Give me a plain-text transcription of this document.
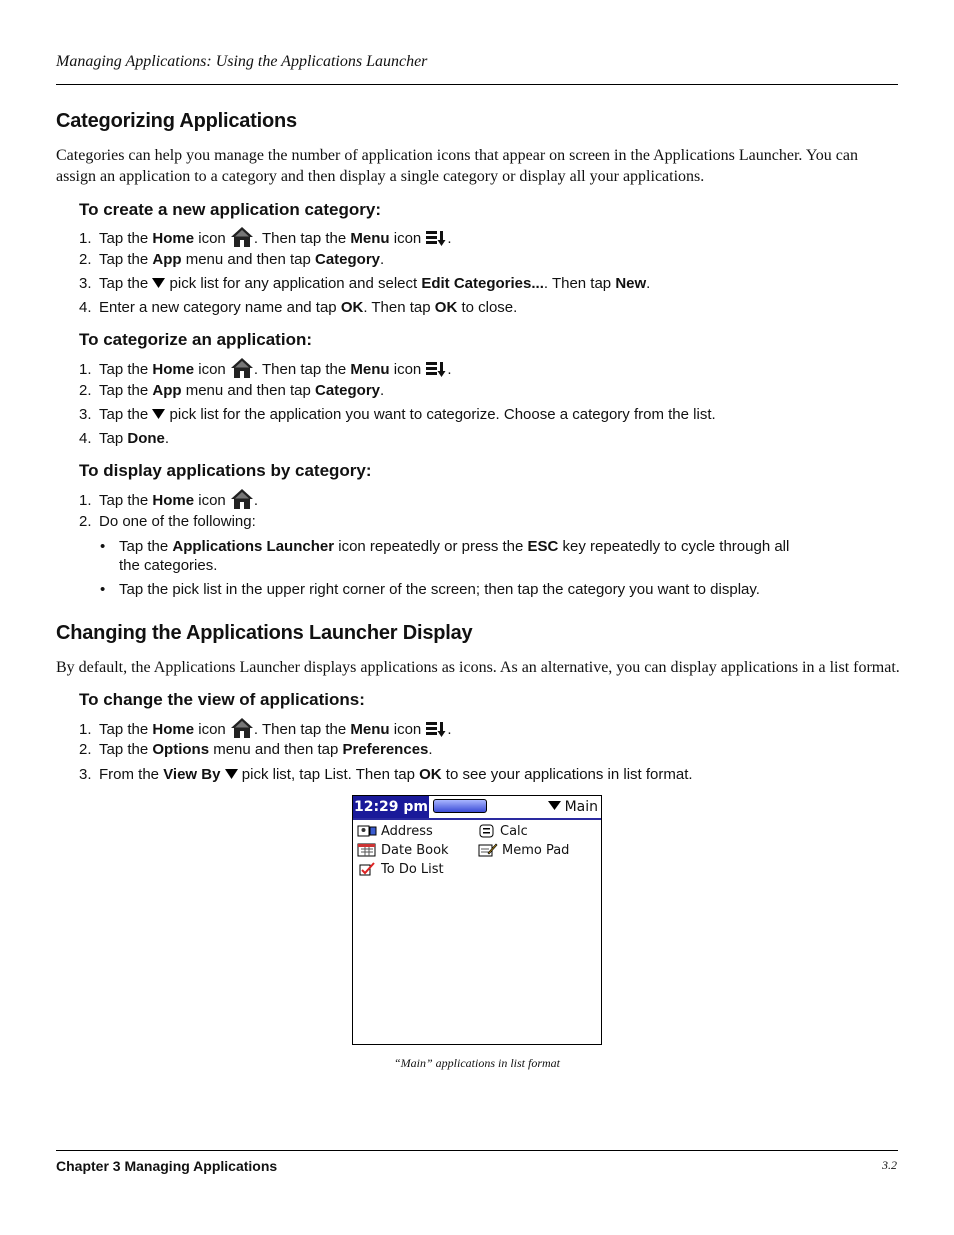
Managing Applications: Using the Applications Launcher
Categorizing Applications
Categories can help you manage the number of application icons that appear on screen in the Applications Launcher. You can assign an application to a category and then display a single category or display all your applications.
To create a new application category:
1. Tap the Home icon . Then tap the Menu icon .
2. Tap the App menu and then tap Category.
3. Tap the  pick list for any application and select Edit Categories.... Then tap New.
4. Enter a new category name and tap OK. Then tap OK to close.
To categorize an application:
1. Tap the Home icon . Then tap the Menu icon .
2. Tap the App menu and then tap Category.
3. Tap the  pick list for the application you want to categorize. Choose a category from the list.
4. Tap Done.
To display applications by category:
1. Tap the Home icon .
2. Do one of the following:
• Tap the Applications Launcher icon repeatedly or press the ESC key repeatedly to cycle through all the categories.
• Tap the pick list in the upper right corner of the screen; then tap the category you want to display.
Changing the Applications Launcher Display
By default, the Applications Launcher displays applications as icons. As an alternative, you can display applications in a list format.
To change the view of applications:
1. Tap the Home icon . Then tap the Menu icon .
2. Tap the Options menu and then tap Preferences.
3. From the View By  pick list, tap List. Then tap OK to see your applications in list format.
12:29 pm	Main
Address	Calc
Date Book	Memo Pad
To Do List
“Main” applications in list format
Chapter 3 Managing Applications	3.2
